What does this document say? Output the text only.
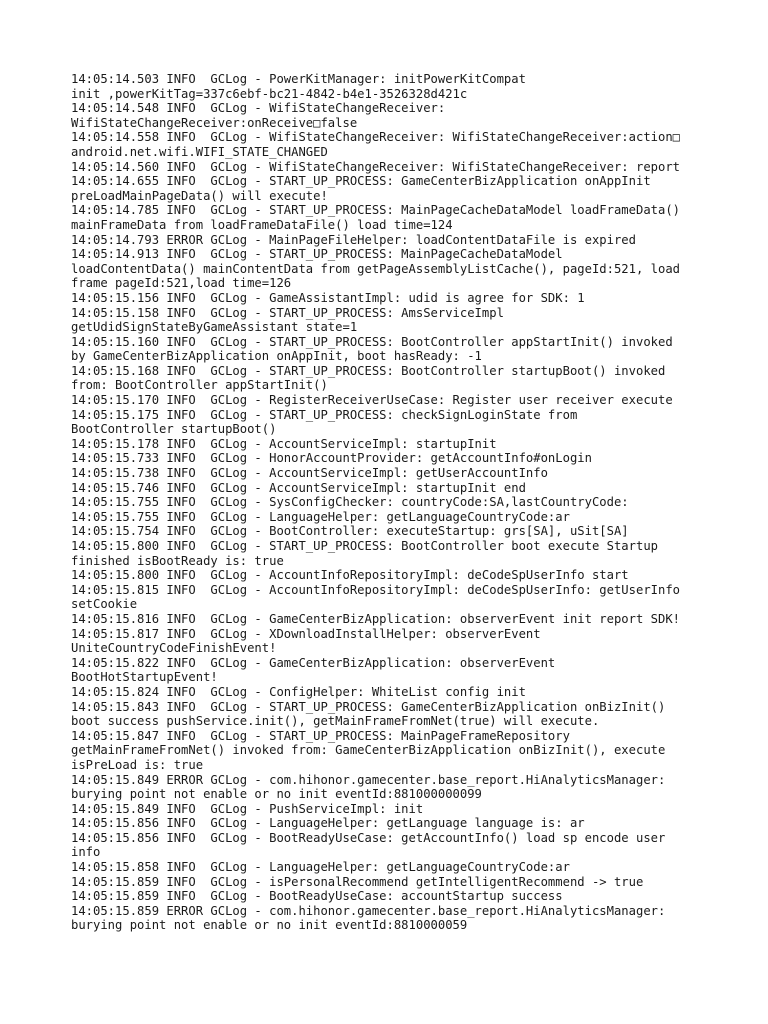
14:05:14.503 INFO  GCLog - PowerKitManager: initPowerKitCompat
init ,powerKitTag=337c6ebf-bc21-4842-b4e1-3526328d421c
14:05:14.548 INFO  GCLog - WifiStateChangeReceiver:
WifiStateChangeReceiver:onReceive□false
14:05:14.558 INFO  GCLog - WifiStateChangeReceiver: WifiStateChangeReceiver:action□
android.net.wifi.WIFI_STATE_CHANGED
14:05:14.560 INFO  GCLog - WifiStateChangeReceiver: WifiStateChangeReceiver: report
14:05:14.655 INFO  GCLog - START_UP_PROCESS: GameCenterBizApplication onAppInit
preLoadMainPageData() will execute!
14:05:14.785 INFO  GCLog - START_UP_PROCESS: MainPageCacheDataModel loadFrameData()
mainFrameData from loadFrameDataFile() load time=124
14:05:14.793 ERROR GCLog - MainPageFileHelper: loadContentDataFile is expired
14:05:14.913 INFO  GCLog - START_UP_PROCESS: MainPageCacheDataModel
loadContentData() mainContentData from getPageAssemblyListCache(), pageId:521, load
frame pageId:521,load time=126
14:05:15.156 INFO  GCLog - GameAssistantImpl: udid is agree for SDK: 1
14:05:15.158 INFO  GCLog - START_UP_PROCESS: AmsServiceImpl
getUdidSignStateByGameAssistant state=1
14:05:15.160 INFO  GCLog - START_UP_PROCESS: BootController appStartInit() invoked
by GameCenterBizApplication onAppInit, boot hasReady: -1
14:05:15.168 INFO  GCLog - START_UP_PROCESS: BootController startupBoot() invoked
from: BootController appStartInit()
14:05:15.170 INFO  GCLog - RegisterReceiverUseCase: Register user receiver execute
14:05:15.175 INFO  GCLog - START_UP_PROCESS: checkSignLoginState from
BootController startupBoot()
14:05:15.178 INFO  GCLog - AccountServiceImpl: startupInit
14:05:15.733 INFO  GCLog - HonorAccountProvider: getAccountInfo#onLogin
14:05:15.738 INFO  GCLog - AccountServiceImpl: getUserAccountInfo
14:05:15.746 INFO  GCLog - AccountServiceImpl: startupInit end
14:05:15.755 INFO  GCLog - SysConfigChecker: countryCode:SA,lastCountryCode:
14:05:15.755 INFO  GCLog - LanguageHelper: getLanguageCountryCode:ar
14:05:15.754 INFO  GCLog - BootController: executeStartup: grs[SA], uSit[SA]
14:05:15.800 INFO  GCLog - START_UP_PROCESS: BootController boot execute Startup
finished isBootReady is: true
14:05:15.800 INFO  GCLog - AccountInfoRepositoryImpl: deCodeSpUserInfo start
14:05:15.815 INFO  GCLog - AccountInfoRepositoryImpl: deCodeSpUserInfo: getUserInfo
setCookie
14:05:15.816 INFO  GCLog - GameCenterBizApplication: observerEvent init report SDK!
14:05:15.817 INFO  GCLog - XDownloadInstallHelper: observerEvent
UniteCountryCodeFinishEvent!
14:05:15.822 INFO  GCLog - GameCenterBizApplication: observerEvent
BootHotStartupEvent!
14:05:15.824 INFO  GCLog - ConfigHelper: WhiteList config init
14:05:15.843 INFO  GCLog - START_UP_PROCESS: GameCenterBizApplication onBizInit()
boot success pushService.init(), getMainFrameFromNet(true) will execute.
14:05:15.847 INFO  GCLog - START_UP_PROCESS: MainPageFrameRepository
getMainFrameFromNet() invoked from: GameCenterBizApplication onBizInit(), execute
isPreLoad is: true
14:05:15.849 ERROR GCLog - com.hihonor.gamecenter.base_report.HiAnalyticsManager:
burying point not enable or no init eventId:881000000099
14:05:15.849 INFO  GCLog - PushServiceImpl: init
14:05:15.856 INFO  GCLog - LanguageHelper: getLanguage language is: ar
14:05:15.856 INFO  GCLog - BootReadyUseCase: getAccountInfo() load sp encode user
info
14:05:15.858 INFO  GCLog - LanguageHelper: getLanguageCountryCode:ar
14:05:15.859 INFO  GCLog - isPersonalRecommend getIntelligentRecommend -> true
14:05:15.859 INFO  GCLog - BootReadyUseCase: accountStartup success
14:05:15.859 ERROR GCLog - com.hihonor.gamecenter.base_report.HiAnalyticsManager:
burying point not enable or no init eventId:8810000059
